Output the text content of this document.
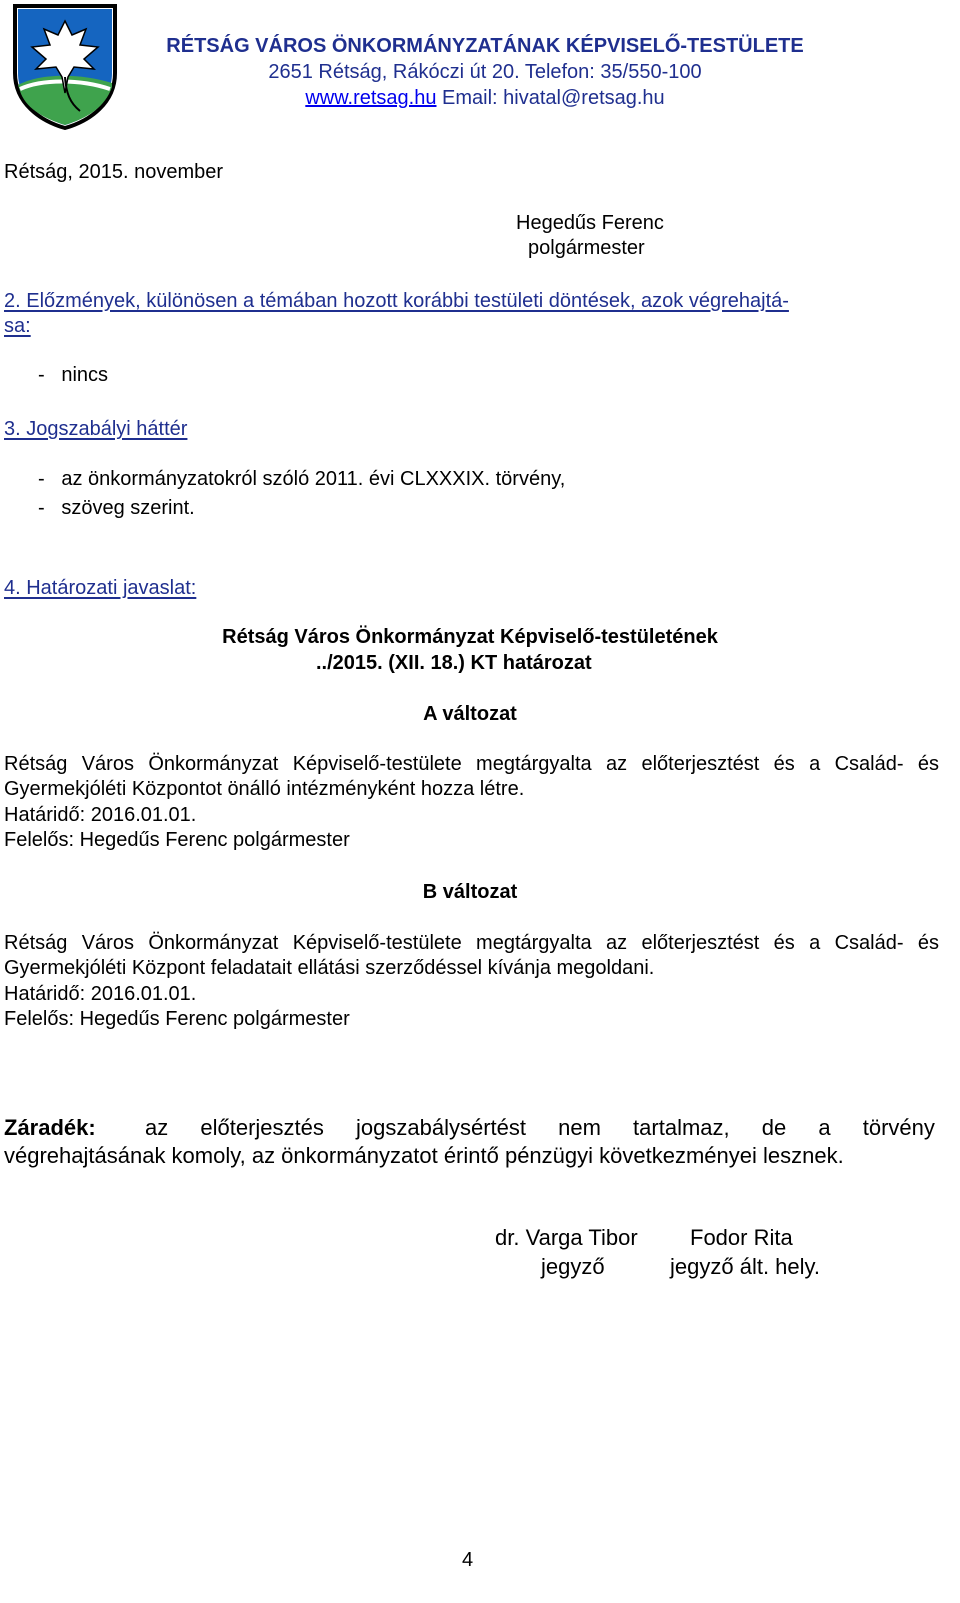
RÉTSÁG VÁROS ÖNKORMÁNYZATÁNAK KÉPVISELŐ-TESTÜLETE
2651 Rétság, Rákóczi út 20. Telefon: 35/550-100
www.retsag.hu Email: hivatal@retsag.hu
Rétság, 2015. november
Hegedűs Ferenc
polgármester
2. Előzmények, különösen a témában hozott korábbi testületi döntések, azok végrehajtá-
sa:
-   nincs
3. Jogszabályi háttér
-   az önkormányzatokról szóló 2011. évi CLXXXIX. törvény,
-   szöveg szerint.
4. Határozati javaslat:
Rétság Város Önkormányzat Képviselő-testületének
../2015. (XII. 18.) KT határozat
A változat
Rétság Város Önkormányzat Képviselő-testülete megtárgyalta az előterjesztést és a Család- és
Gyermekjóléti Központot önálló intézményként hozza létre.
Határidő: 2016.01.01.
Felelős: Hegedűs Ferenc polgármester
B változat
Rétság Város Önkormányzat Képviselő-testülete megtárgyalta az előterjesztést és a Család- és
Gyermekjóléti Központ feladatait ellátási szerződéssel kívánja megoldani.
Határidő: 2016.01.01.
Felelős: Hegedűs Ferenc polgármester
Záradék: az előterjesztés jogszabálysértést nem tartalmaz, de a törvény
végrehajtásának komoly, az önkormányzatot érintő pénzügyi következményei lesznek.
dr. Varga Tibor
jegyző
Fodor Rita
jegyző ált. hely.
4
